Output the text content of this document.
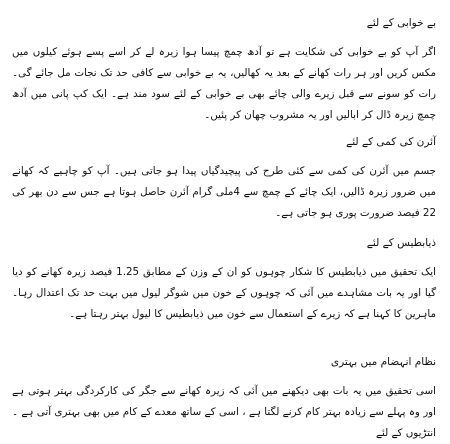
بے خوابی کے لئے

اگر آپ کو بے خوابی کی شکایت ہے تو آدھ چمچ پیسا ہوا زیرہ لے کر اسے پسے ہوئے کیلوں میں مکس کریں اور ہر رات کھانے کے بعد یہ کھالیں، یہ بے خوابی سے کافی حد تک نجات مل جائے گی۔ رات کو سونے سے قبل زیرے والی چائے بھی بے خوابی کے لئے سود مند ہے۔ ایک کپ پانی میں آدھ چمچ زیرہ ڈال کر ابالیں اور یہ مشروب چھان کر پئیں۔

آئرن کی کمی کے لئے

جسم میں آئرن کی کمی سے کئی طرح کی پیچیدگیاں پیدا ہو جاتی ہیں۔ آپ کو چاہیے کہ کھانے میں ضرور زیرہ ڈالیں، ایک چائے کے چمچ سے 4ملی گرام آئرن حاصل ہوتا ہے جس سے دن بھر کی 22 فیصد ضرورت پوری ہو جاتی ہے۔

ذیابطیس کے لئے

ایک تحقیق میں ذیابطیس کا شکار چوہوں کو ان کے وزن کے مطابق 1.25 فیصد زیرہ کھانے کو دیا گیا اور یہ بات مشاہدے میں آئی کہ چوہوں کے خون میں شوگر لیول میں بہت حد تک اعتدال رہا۔ ماہرین کا کہنا ہے کہ زیرے کے استعمال سے خون میں ذیابطیس کا لیول بہتر رہتا ہے۔

نظام انہضام میں بہتری

اسی تحقیق میں یہ بات بھی دیکھنے میں آئی کہ زیرہ کھانے سے جگر کی کارکردگی بہتر ہوتی ہے اور وہ پہلے سے زیادہ بہتر کام کرنے لگتا ہے ، اسی کے ساتھ معدے کے کام میں بھی بہتری آتی ہے ۔ انتڑیوں کے لئے
